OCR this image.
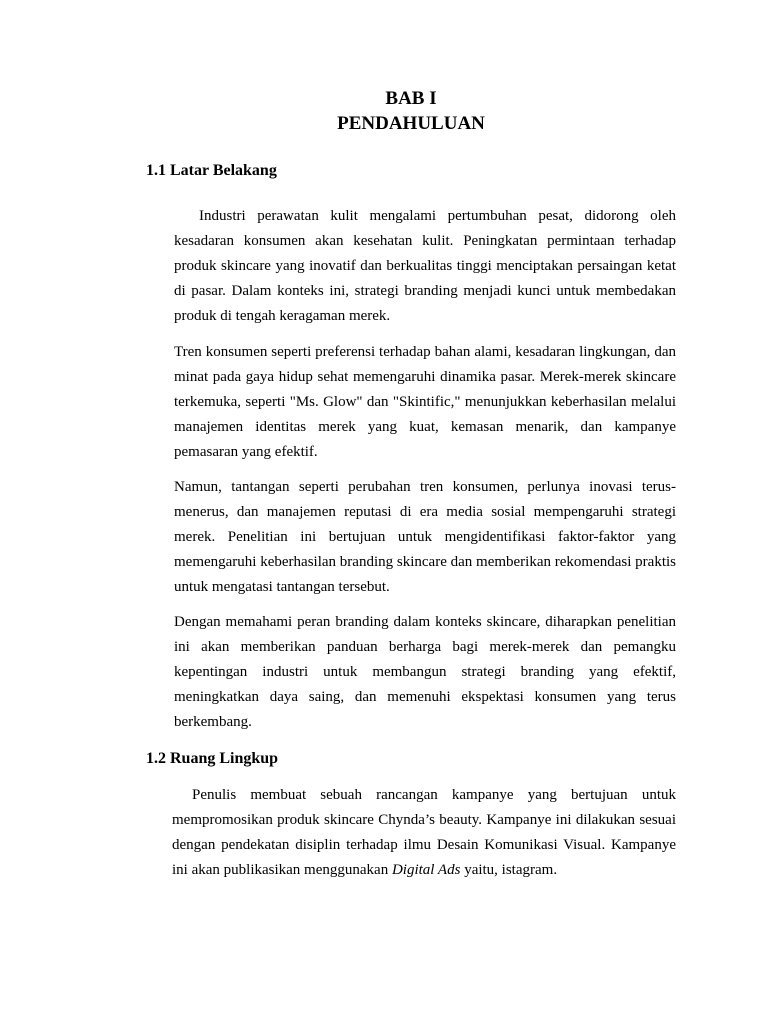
BAB I
PENDAHULUAN
1.1 Latar Belakang

Industri perawatan kulit mengalami pertumbuhan pesat, didorong oleh kesadaran konsumen akan kesehatan kulit. Peningkatan permintaan terhadap produk skincare yang inovatif dan berkualitas tinggi menciptakan persaingan ketat di pasar. Dalam konteks ini, strategi branding menjadi kunci untuk membedakan produk di tengah keragaman merek.

Tren konsumen seperti preferensi terhadap bahan alami, kesadaran lingkungan, dan minat pada gaya hidup sehat memengaruhi dinamika pasar. Merek-merek skincare terkemuka, seperti "Ms. Glow" dan "Skintific," menunjukkan keberhasilan melalui manajemen identitas merek yang kuat, kemasan menarik, dan kampanye pemasaran yang efektif.

Namun, tantangan seperti perubahan tren konsumen, perlunya inovasi terus-menerus, dan manajemen reputasi di era media sosial mempengaruhi strategi merek. Penelitian ini bertujuan untuk mengidentifikasi faktor-faktor yang memengaruhi keberhasilan branding skincare dan memberikan rekomendasi praktis untuk mengatasi tantangan tersebut.

Dengan memahami peran branding dalam konteks skincare, diharapkan penelitian ini akan memberikan panduan berharga bagi merek-merek dan pemangku kepentingan industri untuk membangun strategi branding yang efektif, meningkatkan daya saing, dan memenuhi ekspektasi konsumen yang terus berkembang.

1.2 Ruang Lingkup

Penulis membuat sebuah rancangan kampanye yang bertujuan untuk mempromosikan produk skincare Chynda’s beauty. Kampanye ini dilakukan sesuai dengan pendekatan disiplin terhadap ilmu Desain Komunikasi Visual. Kampanye ini akan publikasikan menggunakan Digital Ads yaitu, istagram.
